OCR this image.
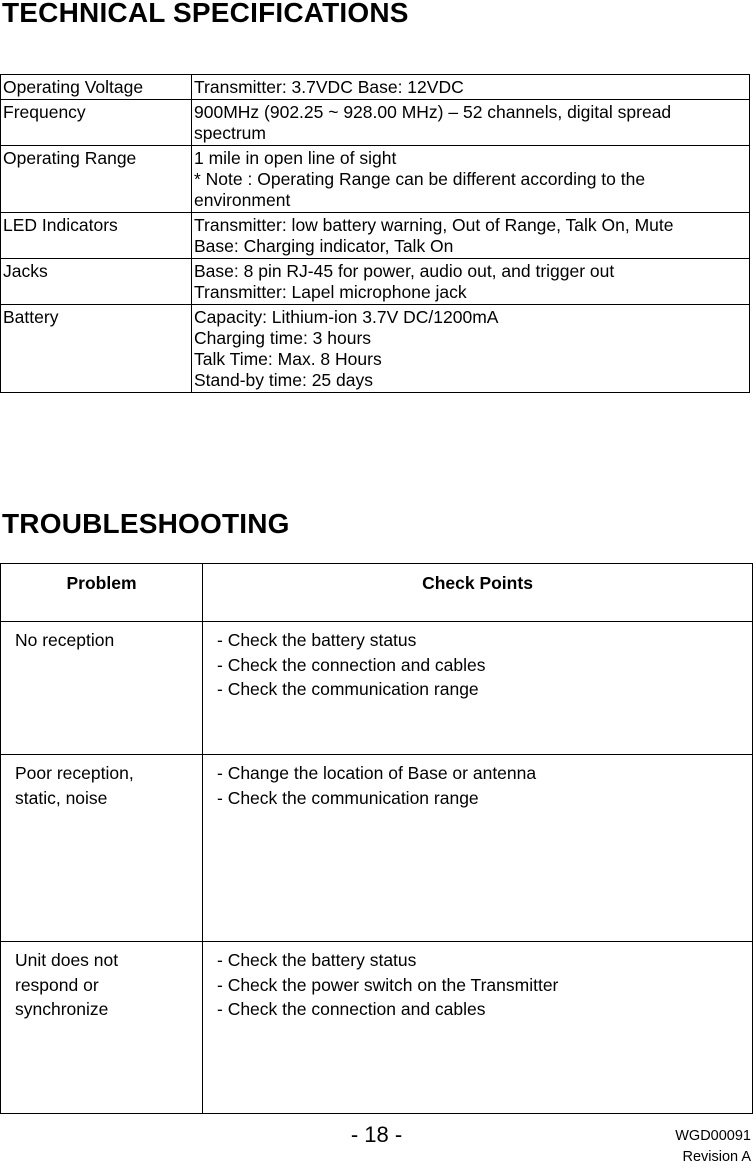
TECHNICAL SPECIFICATIONS
Operating Voltage	Transmitter: 3.7VDC Base: 12VDC

Frequency	900MHz (902.25 ~ 928.00 MHz) – 52 channels, digital spread spectrum
Operating Range	1 mile in open line of sight
* Note : Operating Range can be different according to the environment

LED Indicators	Transmitter: low battery warning, Out of Range, Talk On, Mute
Base: Charging indicator, Talk On

Jacks	Base: 8 pin RJ-45 for power, audio out, and trigger out
Transmitter: Lapel microphone jack

Battery	Capacity: Lithium-ion 3.7V DC/1200mA
Charging time: 3 hours
Talk Time: Max. 8 Hours
Stand-by time: 25 days
TROUBLESHOOTING
Problem	Check Points

No reception	- Check the battery status
- Check the connection and cables
- Check the communication range

Poor reception,
static, noise	- Change the location of Base or antenna
- Check the communication range

Unit does not
respond or
synchronize	- Check the battery status
- Check the power switch on the Transmitter
- Check the connection and cables
- 18 -	WGD00091
Revision A
